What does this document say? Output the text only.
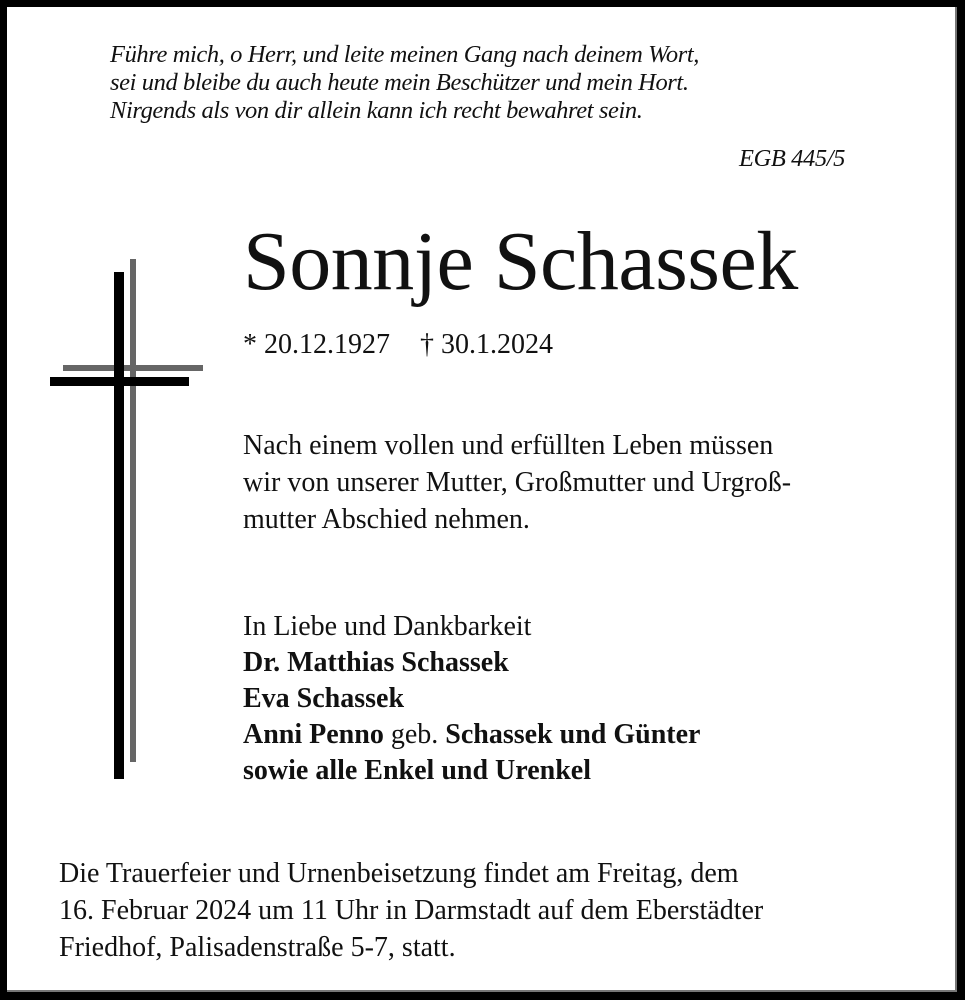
Führe mich, o Herr, und leite meinen Gang nach deinem Wort,
sei und bleibe du auch heute mein Beschützer und mein Hort.
Nirgends als von dir allein kann ich recht bewahret sein.
EGB 445/5
Sonnje Schassek
* 20.12.1927 † 30.1.2024
Nach einem vollen und erfüllten Leben müssen
wir von unserer Mutter, Großmutter und Urgroß-
mutter Abschied nehmen.
In Liebe und Dankbarkeit
Dr. Matthias Schassek
Eva Schassek
Anni Penno geb. Schassek und Günter
sowie alle Enkel und Urenkel
Die Trauerfeier und Urnenbeisetzung findet am Freitag, dem
16. Februar 2024 um 11 Uhr in Darmstadt auf dem Eberstädter
Friedhof, Palisadenstraße 5-7, statt.
